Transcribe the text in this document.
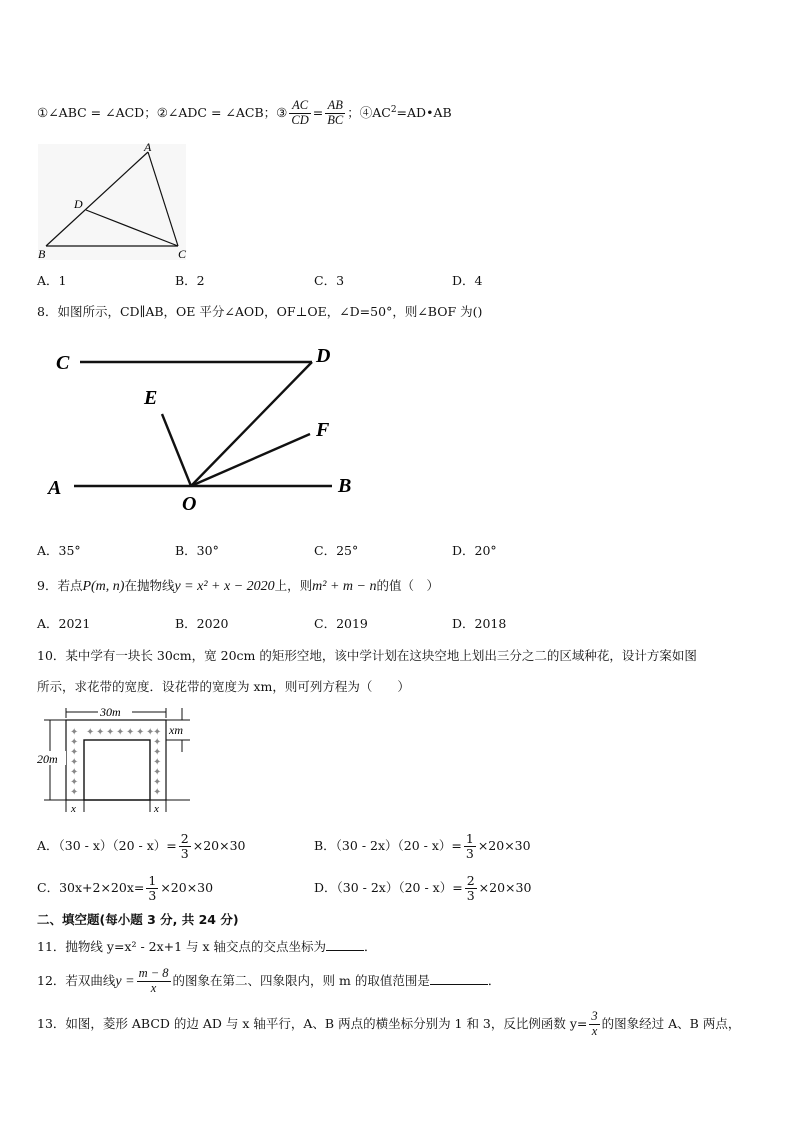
①∠ABC = ∠ACD；②∠ADC = ∠ACB；③ $\frac{AC}{CD} = \frac{AB}{BC}$ ；$④AC^2=AD•AB$
A
B	C
D
A．1	B．2	C．3	D．4
8．如图所示，CD∥AB，OE 平分∠AOD，OF⊥OE，∠D=50°，则∠BOF 为()
C	D
E
F
A
O
B
A．35°	B．30°	C．25°	D．20°
9．若点P(m, n)在抛物线y = x² + x − 2020上，则m² + m − n的值（　）
A．2021	B．2020	C．2019	D．2018
10．某中学有一块长 30cm，宽 20cm 的矩形空地，该中学计划在这块空地上划出三分之二的区域种花，设计方案如图
所示，求花带的宽度．设花带的宽度为 xm，则可列方程为（　　）
✦ ✦ ✦ ✦ ✦ ✦ ✦
✦	✦
✦	✦
✦	✦
✦	✦
✦	✦
✦	✦
✦	✦
30m
20m
xm
x	x
A．$(30 - x)(20 - x)= \frac{2}{3} \times 20\times 30$	B．$(30 - 2x)(20 - x)= \frac{1}{3} \times 20\times 30$
C．$30x+2\times 20x= \frac{1}{3} \times 20\times 30$	D．$(30 - 2x)(20 - x)= \frac{2}{3} \times 20\times 30$
二、填空题(每小题 3 分, 共 24 分)
11．抛物线 y=x² - 2x+1 与 x 轴交点的交点坐标为	．
12．若双曲线$y = \frac{m - 8}{x}$ 的图象在第二、四象限内，则 m 的取值范围是	．
13．如图，菱形 ABCD 的边 AD 与 x 轴平行，A、B 两点的横坐标分别为 1 和 3，反比例函数 $y= \frac{3}{x}$ 的图象经过 A、B 两点，
